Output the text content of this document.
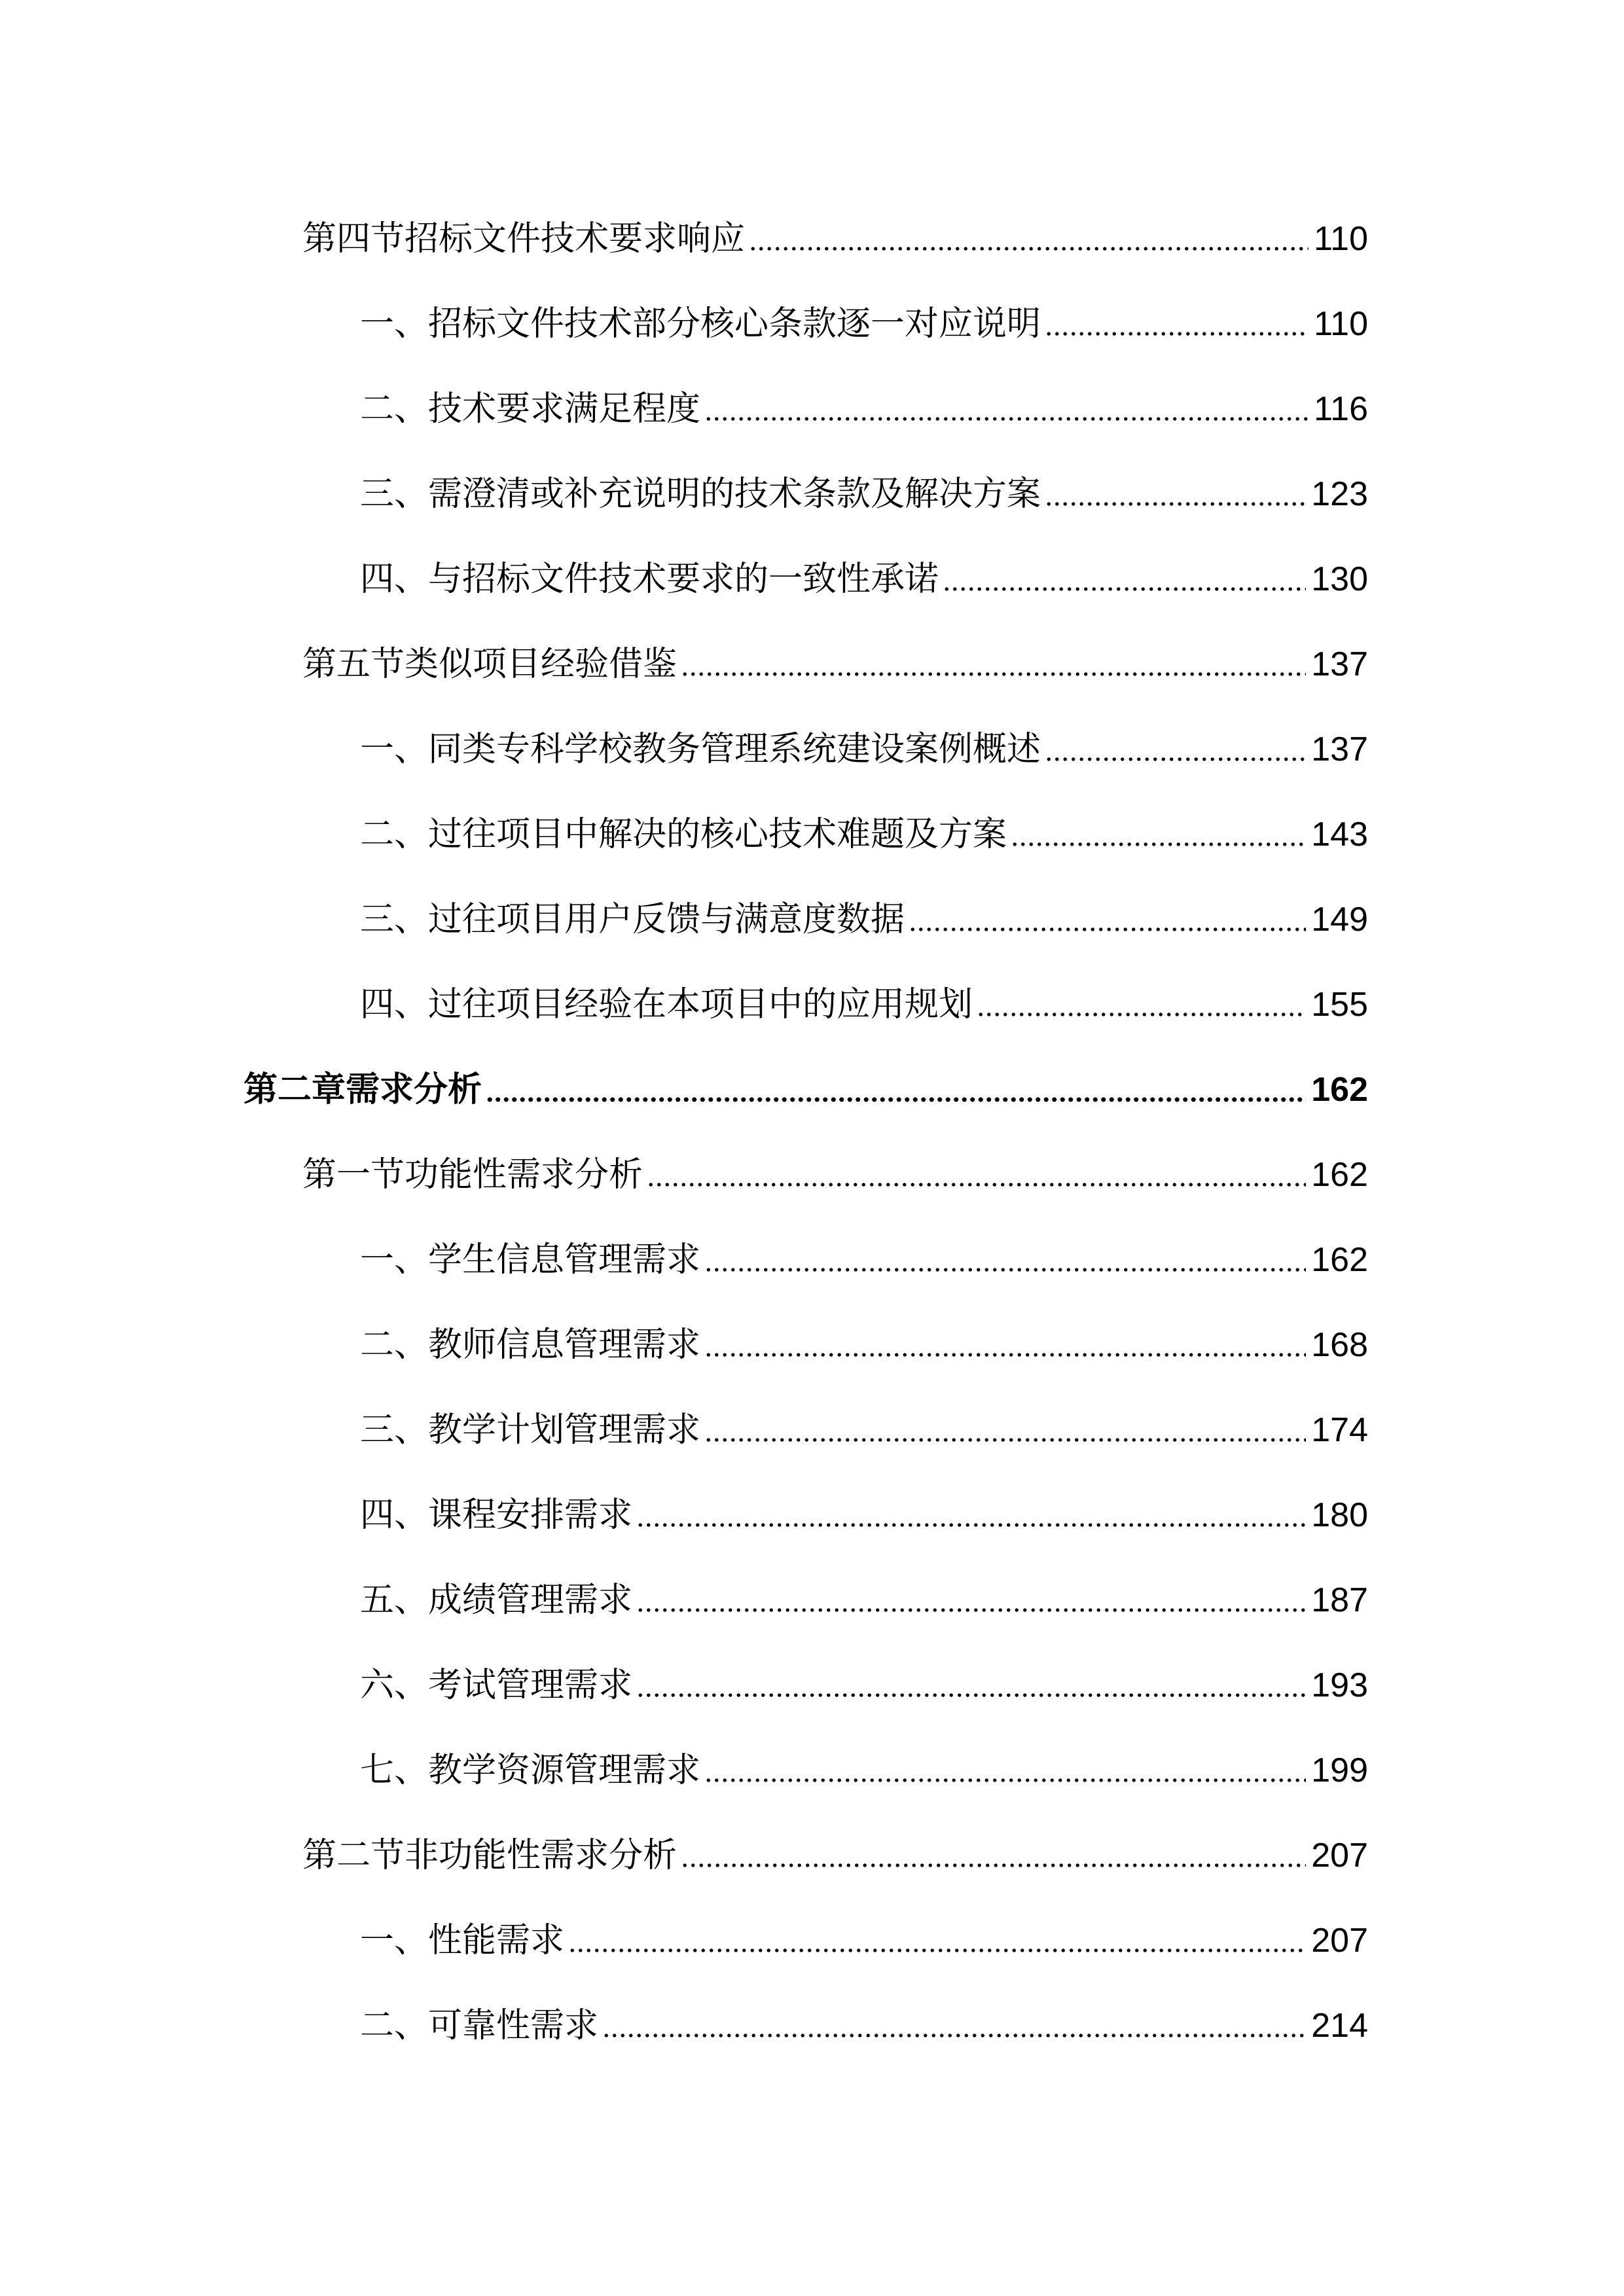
第四节招标文件技术要求响应	110
一、招标文件技术部分核心条款逐一对应说明	110
二、技术要求满足程度	116
三、需澄清或补充说明的技术条款及解决方案	123
四、与招标文件技术要求的一致性承诺	130
第五节类似项目经验借鉴	137
一、同类专科学校教务管理系统建设案例概述	137
二、过往项目中解决的核心技术难题及方案	143
三、过往项目用户反馈与满意度数据	149
四、过往项目经验在本项目中的应用规划	155
第二章需求分析	162
第一节功能性需求分析	162
一、学生信息管理需求	162
二、教师信息管理需求	168
三、教学计划管理需求	174
四、课程安排需求	180
五、成绩管理需求	187
六、考试管理需求	193
七、教学资源管理需求	199
第二节非功能性需求分析	207
一、性能需求	207
二、可靠性需求	214
